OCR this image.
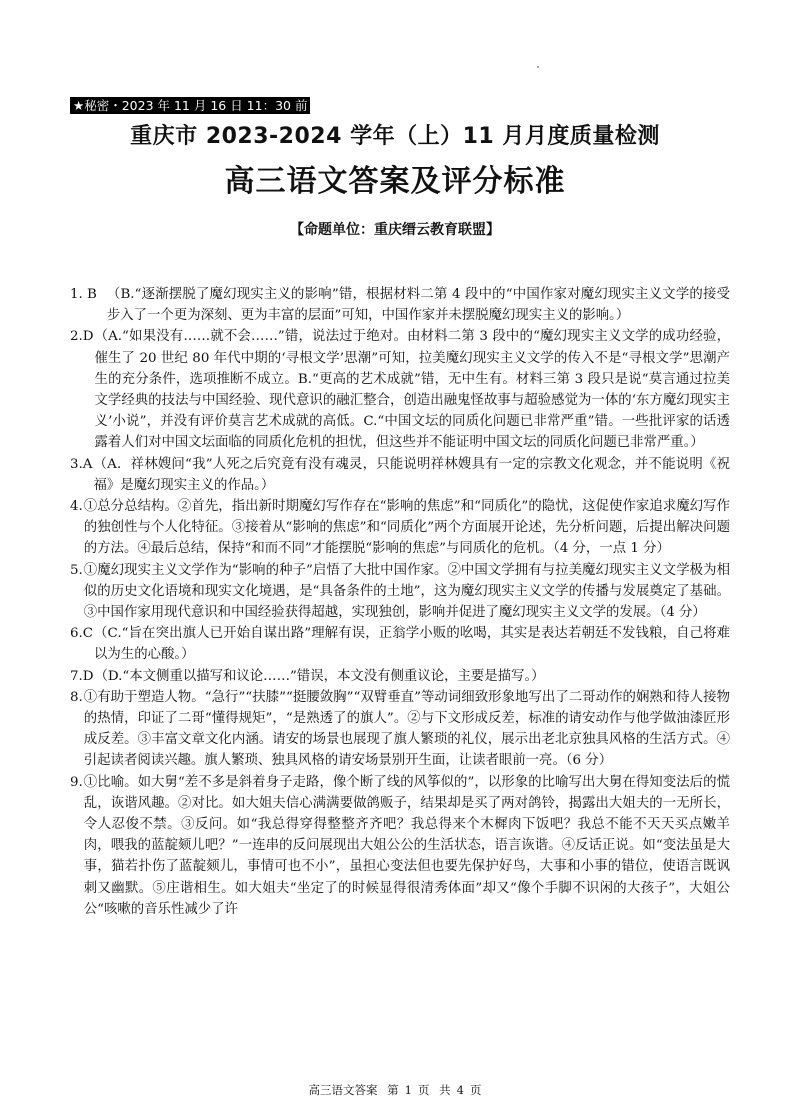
★秘密・2023 年 11 月 16 日 11：30 前
重庆市 2023-2024 学年（上）11 月月度质量检测
高三语文答案及评分标准
【命题单位：重庆缙云教育联盟】
1. B （B.“逐渐摆脱了魔幻现实主义的影响”错，根据材料二第 4 段中的“中国作家对魔幻现实主义文学的接受步入了一个更为深刻、更为丰富的层面”可知，中国作家并未摆脱魔幻现实主义的影响。）
2.D （A.“如果没有……就不会……”错，说法过于绝对。由材料二第 3 段中的“魔幻现实主义文学的成功经验，催生了 20 世纪 80 年代中期的‘寻根文学’思潮”可知，拉美魔幻现实主义文学的传入不是“寻根文学”思潮产生的充分条件，选项推断不成立。B.“更高的艺术成就”错，无中生有。材料三第 3 段只是说“莫言通过拉美文学经典的技法与中国经验、现代意识的融汇整合，创造出融鬼怪故事与超验感觉为一体的‘东方魔幻现实主义’小说”，并没有评价莫言艺术成就的高低。C.“中国文坛的同质化问题已非常严重”错。一些批评家的话透露着人们对中国文坛面临的同质化危机的担忧，但这些并不能证明中国文坛的同质化问题已非常严重。）
3.A （A．祥林嫂问“我”人死之后究竟有没有魂灵，只能说明祥林嫂具有一定的宗教文化观念，并不能说明《祝福》是魔幻现实主义的作品。）
4. ①总分总结构。②首先，指出新时期魔幻写作存在“影响的焦虑”和“同质化”的隐忧，这促使作家追求魔幻写作的独创性与个人化特征。③接着从“影响的焦虑”和“同质化”两个方面展开论述，先分析问题，后提出解决问题的方法。④最后总结，保持“和而不同”才能摆脱“影响的焦虑”与同质化的危机。（4 分，一点 1 分）
5. ①魔幻现实主义文学作为“影响的种子”启悟了大批中国作家。②中国文学拥有与拉美魔幻现实主义文学极为相似的历史文化语境和现实文化境遇，是“具备条件的土地”，这为魔幻现实主义文学的传播与发展奠定了基础。③中国作家用现代意识和中国经验获得超越，实现独创，影响并促进了魔幻现实主义文学的发展。（4 分）
6.C （C.“旨在突出旗人已开始自谋出路”理解有误，正翁学小贩的吆喝，其实是表达若朝廷不发钱粮，自己将难以为生的心酸。）
7.D （D.“本文侧重以描写和议论……”错误，本文没有侧重议论，主要是描写。）
8. ①有助于塑造人物。“急行”“扶膝”“挺腰敛胸”“双臂垂直”等动词细致形象地写出了二哥动作的娴熟和待人接物的热情，印证了二哥“懂得规矩”，“是熟透了的旗人”。②与下文形成反差，标准的请安动作与他学做油漆匠形成反差。③丰富文章文化内涵。请安的场景也展现了旗人繁琐的礼仪，展示出老北京独具风格的生活方式。④引起读者阅读兴趣。旗人繁琐、独具风格的请安场景别开生面，让读者眼前一亮。（6 分）
9. ①比喻。如大舅“差不多是斜着身子走路，像个断了线的风筝似的”，以形象的比喻写出大舅在得知变法后的慌乱，诙谐风趣。②对比。如大姐夫信心满满要做鸽贩子，结果却是买了两对鸽铃，揭露出大姐夫的一无所长，令人忍俊不禁。③反问。如“我总得穿得整整齐齐吧？我总得来个木樨肉下饭吧？我总不能不天天买点嫩羊肉，喂我的蓝靛颏儿吧？”一连串的反问展现出大姐公公的生活状态，语言诙谐。④反话正说。如“变法虽是大事，猫若扑伤了蓝靛颏儿，事情可也不小”，虽担心变法但也要先保护好鸟，大事和小事的错位，使语言既讽刺又幽默。⑤庄谐相生。如大姐夫“坐定了的时候显得很清秀体面”却又“像个手脚不识闲的大孩子”，大姐公公“咳嗽的音乐性减少了许
高三语文答案 第 1 页 共 4 页
